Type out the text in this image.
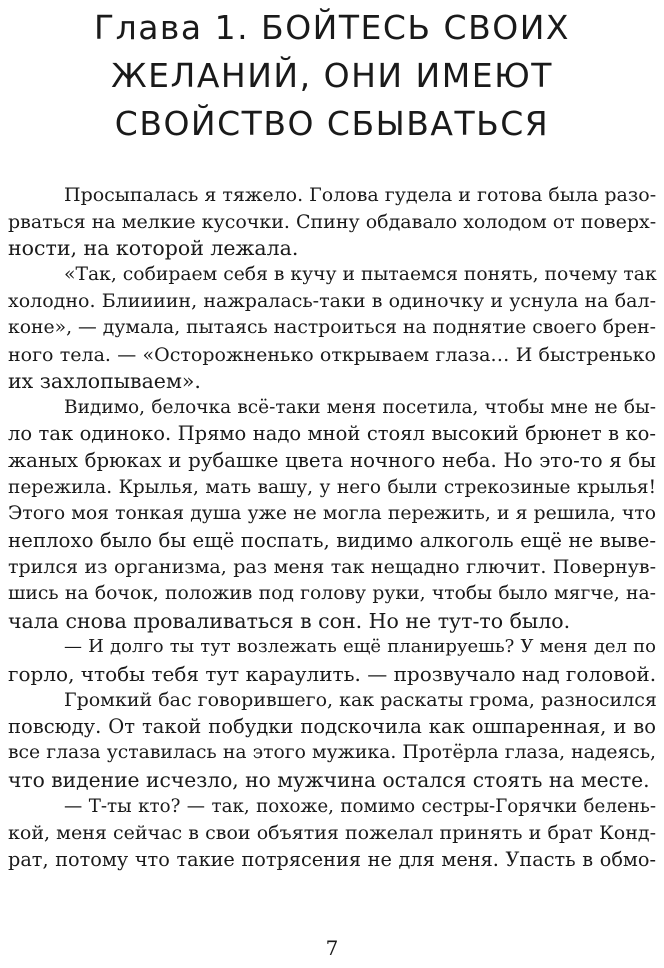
Глава 1. БОЙТЕСЬ СВОИХ
ЖЕЛАНИЙ, ОНИ ИМЕЮТ
СВОЙСТВО СБЫВАТЬСЯ
Просыпалась я тяжело. Голова гудела и готова была разо-
рваться на мелкие кусочки. Спину обдавало холодом от поверх-
ности, на которой лежала.
«Так, собираем себя в кучу и пытаемся понять, почему так
холодно. Блиииин, нажралась-таки в одиночку и уснула на бал-
коне», — думала, пытаясь настроиться на поднятие своего брен-
ного тела. — «Осторожненько открываем глаза… И быстренько
их захлопываем».
Видимо, белочка всё-таки меня посетила, чтобы мне не бы-
ло так одиноко. Прямо надо мной стоял высокий брюнет в ко-
жаных брюках и рубашке цвета ночного неба. Но это-то я бы
пережила. Крылья, мать вашу, у него были стрекозиные крылья!
Этого моя тонкая душа уже не могла пережить, и я решила, что
неплохо было бы ещё поспать, видимо алкоголь ещё не выве-
трился из организма, раз меня так нещадно глючит. Повернув-
шись на бочок, положив под голову руки, чтобы было мягче, на-
чала снова проваливаться в сон. Но не тут-то было.
— И долго ты тут возлежать ещё планируешь? У меня дел по
горло, чтобы тебя тут караулить. — прозвучало над головой.
Громкий бас говорившего, как раскаты грома, разносился
повсюду. От такой побудки подскочила как ошпаренная, и во
все глаза уставилась на этого мужика. Протёрла глаза, надеясь,
что видение исчезло, но мужчина остался стоять на месте.
— Т-ты кто? — так, похоже, помимо сестры-Горячки белень-
кой, меня сейчас в свои объятия пожелал принять и брат Конд-
рат, потому что такие потрясения не для меня. Упасть в обмо-
7
